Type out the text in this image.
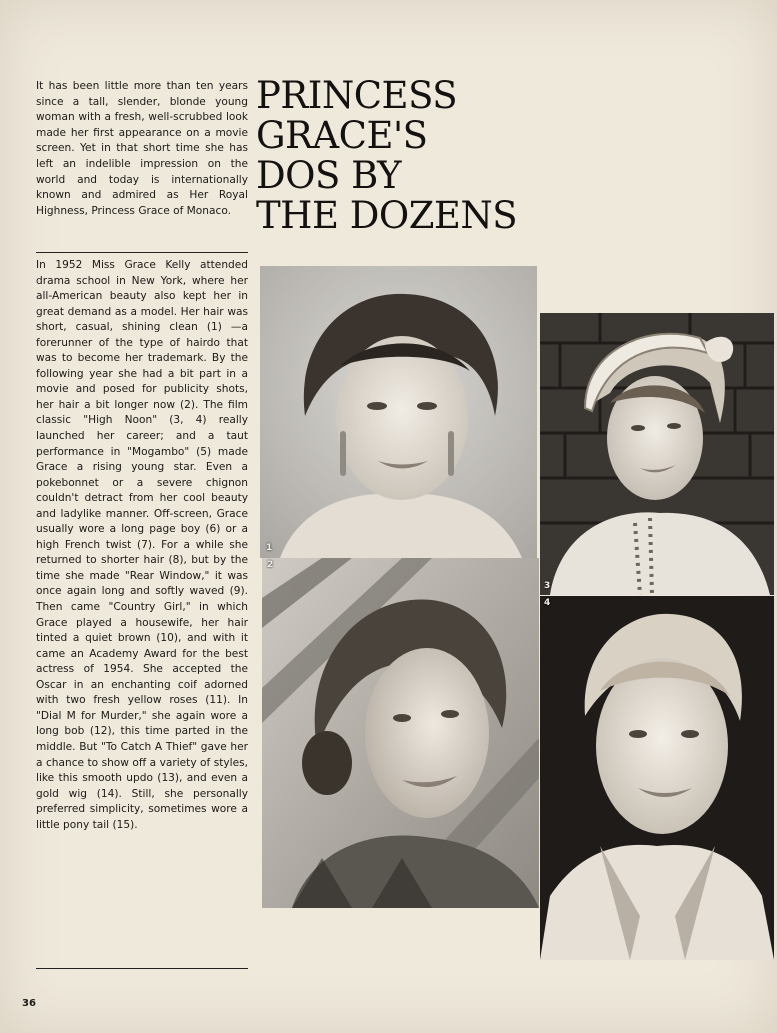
It has been little more than ten years since a tall, slender, blonde young woman with a fresh, well-scrubbed look made her first appearance on a movie screen. Yet in that short time she has left an indelible impression on the world and today is internationally known and admired as Her Royal Highness, Princess Grace of Monaco.

In 1952 Miss Grace Kelly attended drama school in New York, where her all-American beauty also kept her in great demand as a model. Her hair was short, casual, shining clean (1) —a forerunner of the type of hairdo that was to become her trademark. By the following year she had a bit part in a movie and posed for publicity shots, her hair a bit longer now (2). The film classic "High Noon" (3, 4) really launched her career; and a taut performance in "Mogambo" (5) made Grace a rising young star. Even a pokebonnet or a severe chignon couldn't detract from her cool beauty and ladylike manner. Off-screen, Grace usually wore a long page boy (6) or a high French twist (7). For a while she returned to shorter hair (8), but by the time she made "Rear Window," it was once again long and softly waved (9). Then came "Country Girl," in which Grace played a housewife, her hair tinted a quiet brown (10), and with it came an Academy Award for the best actress of 1954. She accepted the Oscar in an enchanting coif adorned with two fresh yellow roses (11). In "Dial M for Murder," she again wore a long bob (12), this time parted in the middle. But "To Catch A Thief" gave her a chance to show off a variety of styles, like this smooth updo (13), and even a gold wig (14). Still, she personally preferred simplicity, sometimes wore a little pony tail (15).

PRINCESS
GRACE'S
DOS BY
THE DOZENS
1
2
3
4

36
